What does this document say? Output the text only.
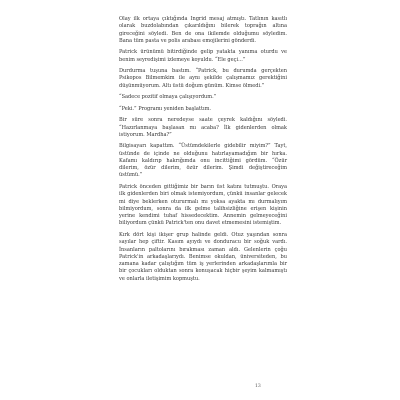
Olay ilk ortaya çıktığında Ingrid mesaj atmıştı. Tatlının kasıtlı olarak buzdolabından çıkarıldığını bilerek toprağın altına gireceğini söyledi. Ben de ona ikilemde olduğumu söyledim. Bana tüm pasta ve polis arabası emojilerini gönderdi.

Patrick ürünümü bitirdiğinde gelip yatakta yanıma oturdu ve benim seyredişimi izlemeye koyuldu. “Ele geçi...”

Durdurma tuşuna bastım. “Patrick, bu durumda gerçekten Psikopos Bilmemkim ile aynı şekilde çalışmamız gerektiğini düşünmüyorum. Altı üstü doğum günüm. Kimse ölmedi.”

“Sadece pozitif olmaya çalışıyordum.”

“Peki.” Programı yeniden başlattım.

Bir süre sonra neredeyse saate çeyrek kaldığını söyledi. “Hazırlanmaya başlasan mı acaba? İlk gidenlerden olmak istiyorum. Mardha?”

Bilgisayarı kapattım. “Üstümdekilerle gidebilir miyim?” Tayt, üstünde de içinde ne olduğunu hatırlayamadığım bir hırka. Kafamı kaldırıp hakrığımda onu incittiğimi gördüm. “Özür dilerim, özür dilerim, özür dilerim. Şimdi değiştireceğim üstümü.”

Patrick önceden gittiğimiz bir barın üst katını tutmuştu. Oraya ilk gidenlerden biri olmak istemiyordum, çünkü insanlar gelecek mi diye beklerken otururmalı mı yoksa ayakta mı durmalıyım bilmiyordum, sonra da ilk gelme talihsizliğine erişen kişinin yerine kendimi tuhaf hissedecektim. Annemin gelmeyeceğini biliyordum çünkü Patrick'ten onu davet etmemesini istemiştim.

Kırk dört kişi ikişer grup halinde geldi. Otuz yaşından sonra sayılar hep çiftir. Kasım ayıydı ve donduracu bir soğuk vardı. İnsanların paltolarını bırakması zaman aldı. Gelenlerin çoğu Patrick'in arkadaşlarıydı. Benimse okuldan, üniversiteden, bu zamana kadar çalıştığım tüm iş yerlerinden arkadaşlarımla bir bir çocukları olduktan sonra konuşacak hiçbir şeyim kalmamıştı ve onlarla iletişimim kopmuştu.

13
